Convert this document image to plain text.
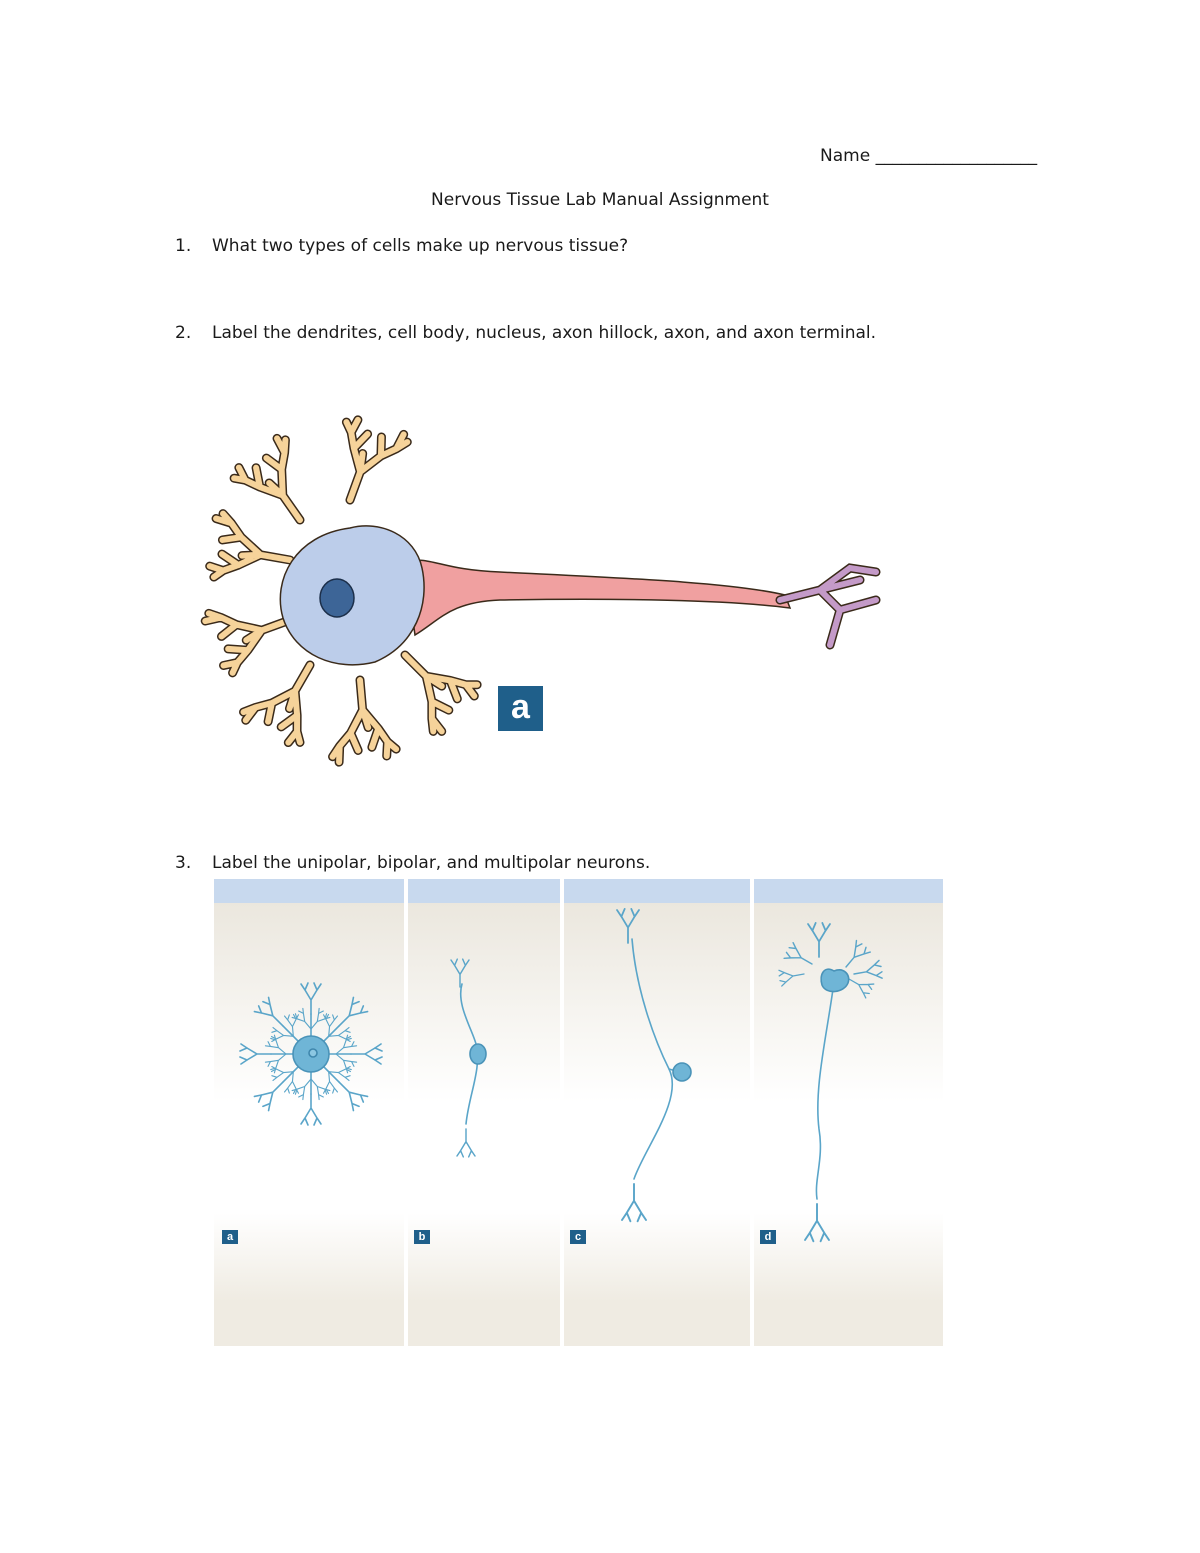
Name ___________________
Nervous Tissue Lab Manual Assignment
1. What two types of cells make up nervous tissue?
2. Label the dendrites, cell body, nucleus, axon hillock, axon, and axon terminal.
a
3. Label the unipolar, bipolar, and multipolar neurons.
a	b	c	d
